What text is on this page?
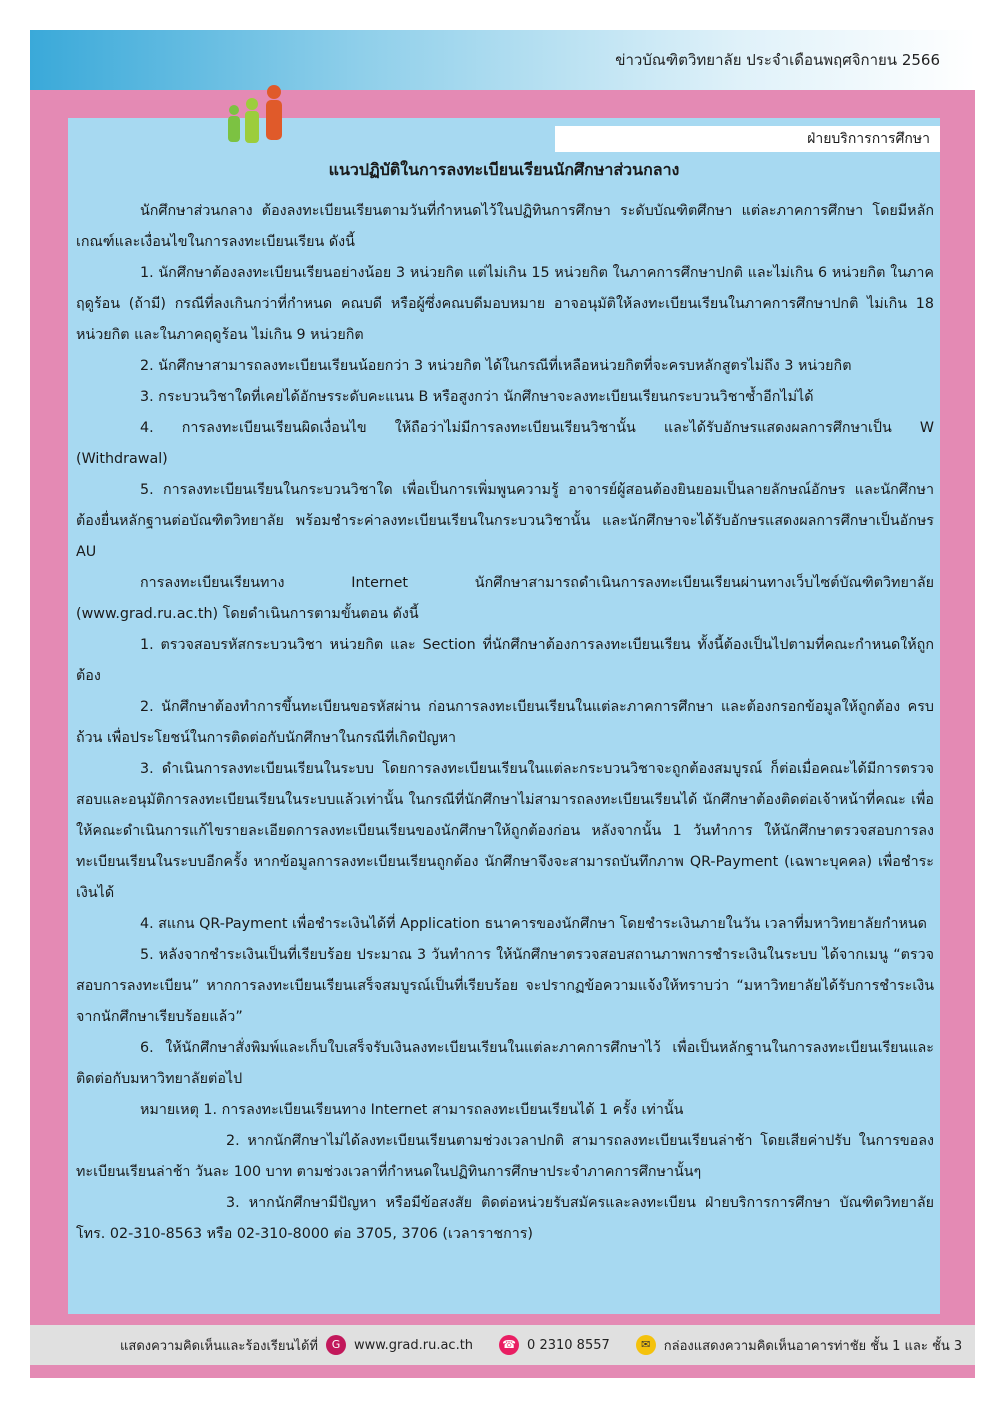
ข่าวบัณฑิตวิทยาลัย ประจำเดือนพฤศจิกายน 2566
ฝ่ายบริการการศึกษา
แนวปฏิบัติในการลงทะเบียนเรียนนักศึกษาส่วนกลาง

นักศึกษาส่วนกลาง ต้องลงทะเบียนเรียนตามวันที่กำหนดไว้ในปฏิทินการศึกษา ระดับบัณฑิตศึกษา แต่ละภาคการศึกษา โดยมีหลักเกณฑ์และเงื่อนไขในการลงทะเบียนเรียน ดังนี้

1. นักศึกษาต้องลงทะเบียนเรียนอย่างน้อย 3 หน่วยกิต แต่ไม่เกิน 15 หน่วยกิต ในภาคการศึกษาปกติ และไม่เกิน 6 หน่วยกิต ในภาคฤดูร้อน (ถ้ามี) กรณีที่ลงเกินกว่าที่กำหนด คณบดี หรือผู้ซึ่งคณบดีมอบหมาย อาจอนุมัติให้ลงทะเบียนเรียนในภาคการศึกษาปกติ ไม่เกิน 18 หน่วยกิต และในภาคฤดูร้อน ไม่เกิน 9 หน่วยกิต

2. นักศึกษาสามารถลงทะเบียนเรียนน้อยกว่า 3 หน่วยกิต ได้ในกรณีที่เหลือหน่วยกิตที่จะครบหลักสูตรไม่ถึง 3 หน่วยกิต

3. กระบวนวิชาใดที่เคยได้อักษรระดับคะแนน B หรือสูงกว่า นักศึกษาจะลงทะเบียนเรียนกระบวนวิชาซ้ำอีกไม่ได้

4. การลงทะเบียนเรียนผิดเงื่อนไข ให้ถือว่าไม่มีการลงทะเบียนเรียนวิชานั้น และได้รับอักษรแสดงผลการศึกษาเป็น W (Withdrawal)

5. การลงทะเบียนเรียนในกระบวนวิชาใด เพื่อเป็นการเพิ่มพูนความรู้ อาจารย์ผู้สอนต้องยินยอมเป็นลายลักษณ์อักษร และนักศึกษาต้องยื่นหลักฐานต่อบัณฑิตวิทยาลัย พร้อมชำระค่าลงทะเบียนเรียนในกระบวนวิชานั้น และนักศึกษาจะได้รับอักษรแสดงผลการศึกษาเป็นอักษร AU

การลงทะเบียนเรียนทาง Internet นักศึกษาสามารถดำเนินการลงทะเบียนเรียนผ่านทางเว็บไซต์บัณฑิตวิทยาลัย (www.grad.ru.ac.th) โดยดำเนินการตามขั้นตอน ดังนี้

1. ตรวจสอบรหัสกระบวนวิชา หน่วยกิต และ Section ที่นักศึกษาต้องการลงทะเบียนเรียน ทั้งนี้ต้องเป็นไปตามที่คณะกำหนดให้ถูกต้อง

2. นักศึกษาต้องทำการขึ้นทะเบียนขอรหัสผ่าน ก่อนการลงทะเบียนเรียนในแต่ละภาคการศึกษา และต้องกรอกข้อมูลให้ถูกต้อง ครบถ้วน เพื่อประโยชน์ในการติดต่อกับนักศึกษาในกรณีที่เกิดปัญหา

3. ดำเนินการลงทะเบียนเรียนในระบบ โดยการลงทะเบียนเรียนในแต่ละกระบวนวิชาจะถูกต้องสมบูรณ์ ก็ต่อเมื่อคณะได้มีการตรวจสอบและอนุมัติการลงทะเบียนเรียนในระบบแล้วเท่านั้น ในกรณีที่นักศึกษาไม่สามารถลงทะเบียนเรียนได้ นักศึกษาต้องติดต่อเจ้าหน้าที่คณะ เพื่อให้คณะดำเนินการแก้ไขรายละเอียดการลงทะเบียนเรียนของนักศึกษาให้ถูกต้องก่อน หลังจากนั้น 1 วันทำการ ให้นักศึกษาตรวจสอบการลงทะเบียนเรียนในระบบอีกครั้ง หากข้อมูลการลงทะเบียนเรียนถูกต้อง นักศึกษาจึงจะสามารถบันทึกภาพ QR-Payment (เฉพาะบุคคล) เพื่อชำระเงินได้

4. สแกน QR-Payment เพื่อชำระเงินได้ที่ Application ธนาคารของนักศึกษา โดยชำระเงินภายในวัน เวลาที่มหาวิทยาลัยกำหนด

5. หลังจากชำระเงินเป็นที่เรียบร้อย ประมาณ 3 วันทำการ ให้นักศึกษาตรวจสอบสถานภาพการชำระเงินในระบบ ได้จากเมนู “ตรวจสอบการลงทะเบียน” หากการลงทะเบียนเรียนเสร็จสมบูรณ์เป็นที่เรียบร้อย จะปรากฏข้อความแจ้งให้ทราบว่า “มหาวิทยาลัยได้รับการชำระเงินจากนักศึกษาเรียบร้อยแล้ว”

6. ให้นักศึกษาสั่งพิมพ์และเก็บใบเสร็จรับเงินลงทะเบียนเรียนในแต่ละภาคการศึกษาไว้ เพื่อเป็นหลักฐานในการลงทะเบียนเรียนและติดต่อกับมหาวิทยาลัยต่อไป

หมายเหตุ 1. การลงทะเบียนเรียนทาง Internet สามารถลงทะเบียนเรียนได้ 1 ครั้ง เท่านั้น

2. หากนักศึกษาไม่ได้ลงทะเบียนเรียนตามช่วงเวลาปกติ สามารถลงทะเบียนเรียนล่าช้า โดยเสียค่าปรับ ในการขอลงทะเบียนเรียนล่าช้า วันละ 100 บาท ตามช่วงเวลาที่กำหนดในปฏิทินการศึกษาประจำภาคการศึกษานั้นๆ

3. หากนักศึกษามีปัญหา หรือมีข้อสงสัย ติดต่อหน่วยรับสมัครและลงทะเบียน ฝ่ายบริการการศึกษา บัณฑิตวิทยาลัย โทร. 02-310-8563 หรือ 02-310-8000 ต่อ 3705, 3706 (เวลาราชการ)

แสดงความคิดเห็นและร้องเรียนได้ที่	G	www.grad.ru.ac.th	☎ 0 2310 8557	✉	กล่องแสดงความคิดเห็นอาคารท่าชัย ชั้น 1 และ ชั้น 3
